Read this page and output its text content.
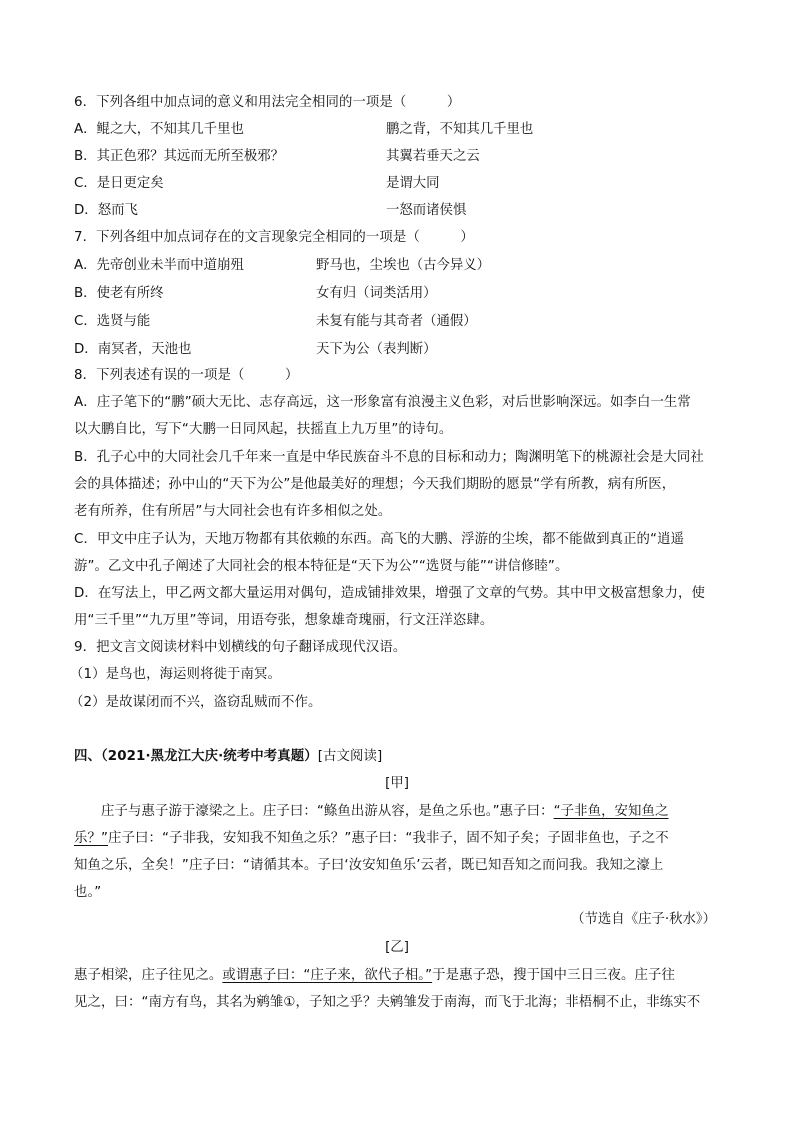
6．下列各组中加点词的意义和用法完全相同的一项是（　　　）
A．鲲之大，不知其几千里也	鹏之背，不知其几千里也
B．其正色邪？其远而无所至极邪？	其翼若垂天之云
C．是日更定矣	是谓大同
D．怒而飞	一怒而诸侯惧
7．下列各组中加点词存在的文言现象完全相同的一项是（　　　）
A．先帝创业未半而中道崩殂	野马也，尘埃也（古今异义）
B．使老有所终	女有归（词类活用）
C．选贤与能	未复有能与其奇者（通假）
D．南冥者，天池也	天下为公（表判断）
8．下列表述有误的一项是（　　　）
A．庄子笔下的“鹏”硕大无比、志存高远，这一形象富有浪漫主义色彩，对后世影响深远。如李白一生常
以大鹏自比，写下“大鹏一日同风起，扶摇直上九万里”的诗句。
B．孔子心中的大同社会几千年来一直是中华民族奋斗不息的目标和动力；陶渊明笔下的桃源社会是大同社
会的具体描述；孙中山的“天下为公”是他最美好的理想；今天我们期盼的愿景“学有所教，病有所医，
老有所养，住有所居”与大同社会也有许多相似之处。
C．甲文中庄子认为，天地万物都有其依赖的东西。高飞的大鹏、浮游的尘埃，都不能做到真正的“逍遥
游”。乙文中孔子阐述了大同社会的根本特征是“天下为公”“选贤与能”“讲信修睦”。
D．在写法上，甲乙两文都大量运用对偶句，造成铺排效果，增强了文章的气势。其中甲文极富想象力，使
用“三千里”“九万里”等词，用语夸张，想象雄奇瑰丽，行文汪洋恣肆。
9．把文言文阅读材料中划横线的句子翻译成现代汉语。
（1）是鸟也，海运则将徙于南冥。
（2）是故谋闭而不兴，盗窃乱贼而不作。
四、（2021·黑龙江大庆·统考中考真题）[古文阅读]
[甲]
庄子与惠子游于濠梁之上。庄子曰：“鲦鱼出游从容，是鱼之乐也。”惠子曰：“子非鱼，安知鱼之
乐？”庄子曰：“子非我，安知我不知鱼之乐？”惠子曰：“我非子，固不知子矣；子固非鱼也，子之不
知鱼之乐，全矣！”庄子曰：“请循其本。子曰‘汝安知鱼乐’云者，既已知吾知之而问我。我知之濠上
也。”
（节选自《庄子·秋水》）
[乙]
惠子相梁，庄子往见之。或谓惠子曰：“庄子来，欲代子相。”于是惠子恐，搜于国中三日三夜。庄子往
见之，曰：“南方有鸟，其名为鹓雏①，子知之乎？夫鹓雏发于南海，而飞于北海；非梧桐不止，非练实不
